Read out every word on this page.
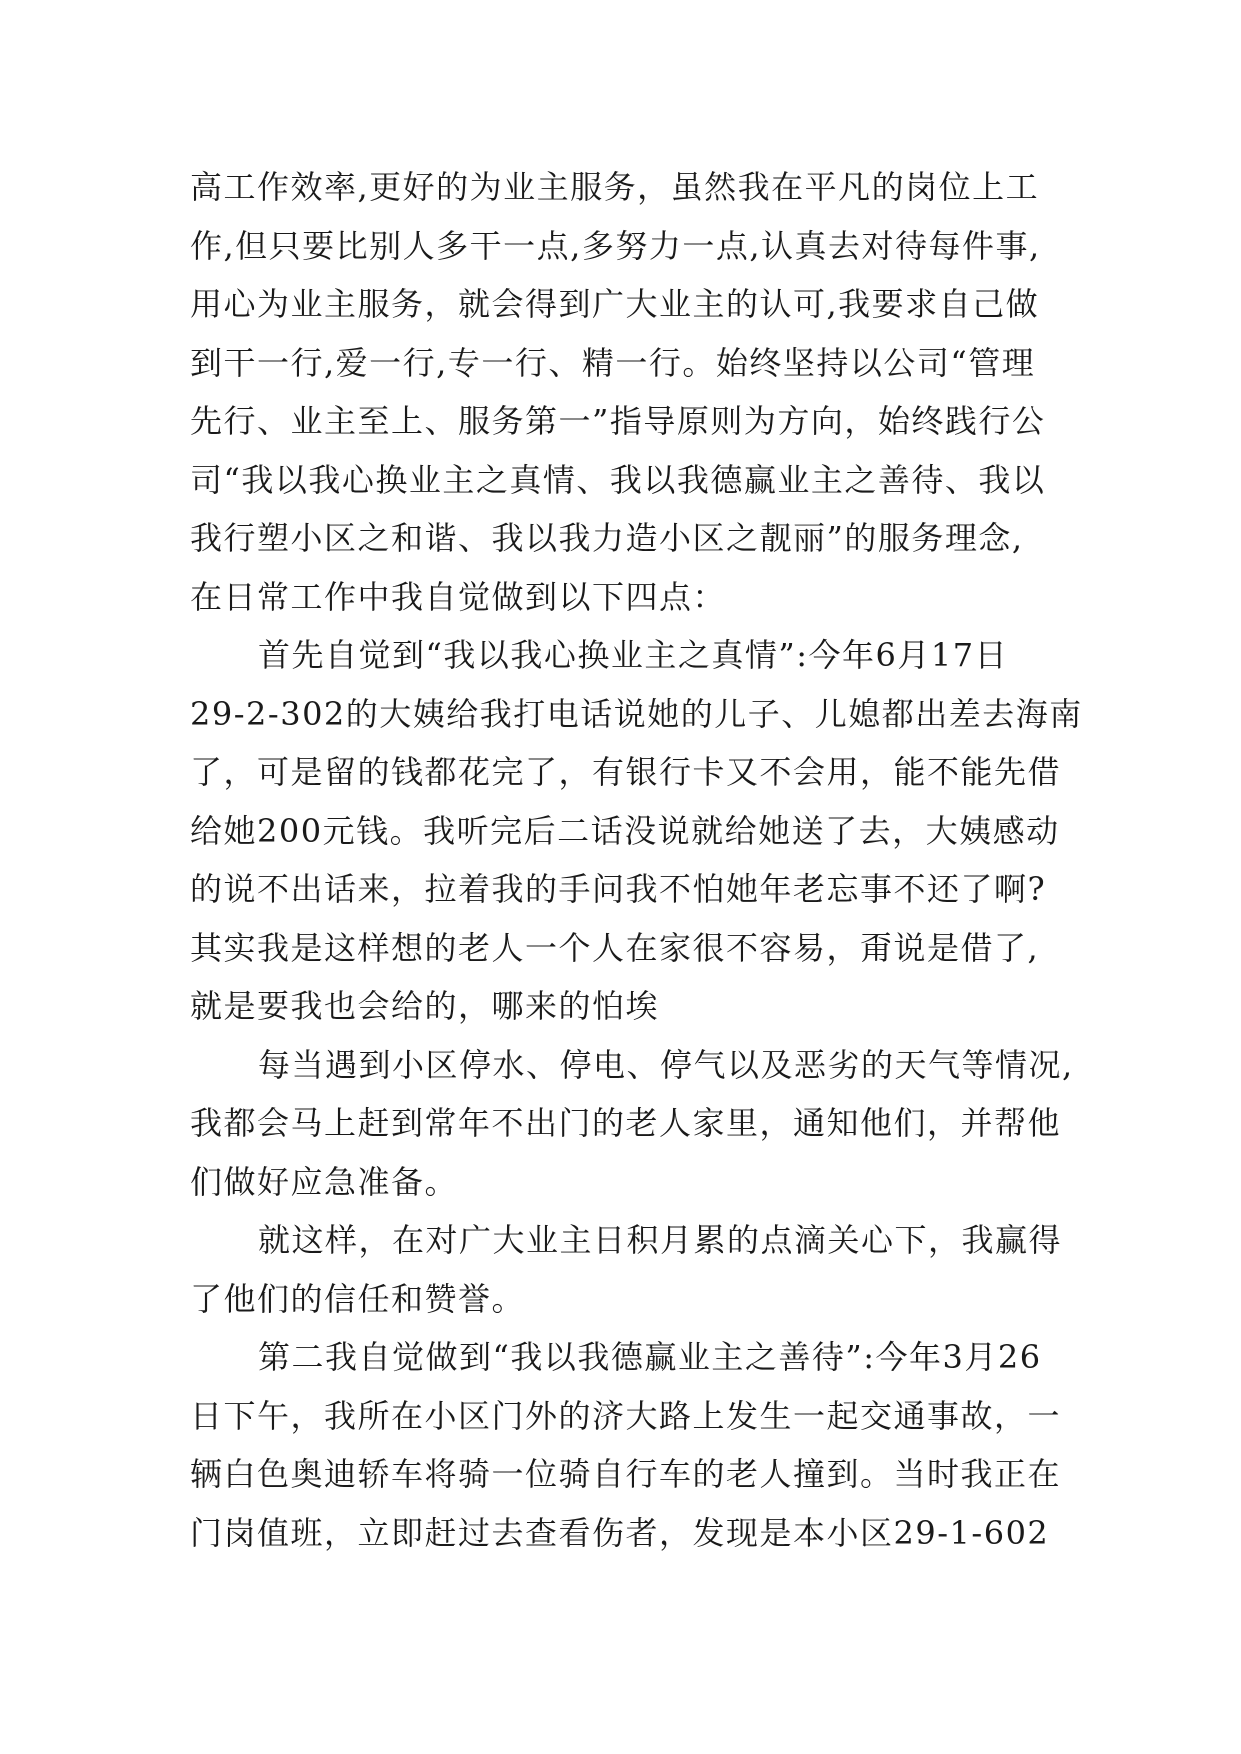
高工作效率,更好的为业主服务，虽然我在平凡的岗位上工
作,但只要比别人多干一点,多努力一点,认真去对待每件事,
用心为业主服务，就会得到广大业主的认可,我要求自己做
到干一行,爱一行,专一行、精一行。始终坚持以公司“管理
先行、业主至上、服务第一”指导原则为方向，始终践行公
司“我以我心换业主之真情、我以我德赢业主之善待、我以
我行塑小区之和谐、我以我力造小区之靓丽”的服务理念,
在日常工作中我自觉做到以下四点：
首先自觉到“我以我心换业主之真情”:今年6月17日
29-2-302的大姨给我打电话说她的儿子、儿媳都出差去海南
了，可是留的钱都花完了，有银行卡又不会用，能不能先借
给她200元钱。我听完后二话没说就给她送了去，大姨感动
的说不出话来，拉着我的手问我不怕她年老忘事不还了啊?
其实我是这样想的老人一个人在家很不容易，甭说是借了,
就是要我也会给的，哪来的怕埃
每当遇到小区停水、停电、停气以及恶劣的天气等情况,
我都会马上赶到常年不出门的老人家里，通知他们，并帮他
们做好应急准备。
就这样，在对广大业主日积月累的点滴关心下，我赢得
了他们的信任和赞誉。
第二我自觉做到“我以我德赢业主之善待”:今年3月26
日下午，我所在小区门外的济大路上发生一起交通事故，一
辆白色奥迪轿车将骑一位骑自行车的老人撞到。当时我正在
门岗值班，立即赶过去查看伤者，发现是本小区29-1-602
